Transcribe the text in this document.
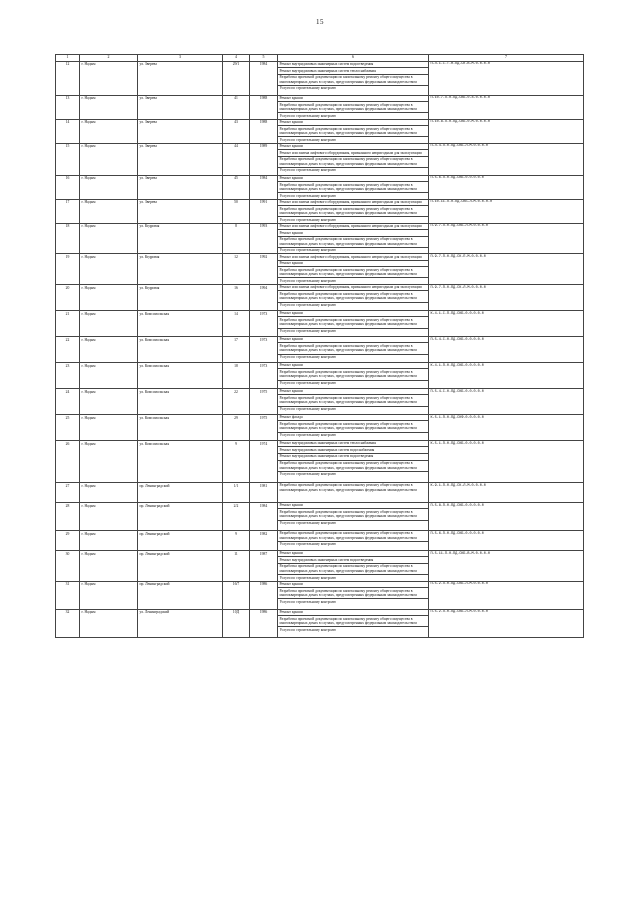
15
1	2	3	4	5	6	7
12	г. Надым	ул. Зверева	29/1	1984	Ремонт внутридомовых инженерных систем водоотведения
Ремонт внутридомовых инженерных систем теплоснабжения
Разработка проектной документации по капитальному ремонту общего имущества в многоквартирных домах в случаях, предусмотренных федеральным законодательством
Услуги по строительному контролю	П-Л-1-С-Т-Н-ПД-СК-В-М-0-0-0-0
13	г. Надым	ул. Зверева	41	1988	Ремонт крыши
Разработка проектной документации по капитальному ремонту общего имущества в многоквартирных домах в случаях, предусмотренных федеральным законодательством
Услуги по строительному контролю	П-10-7-П-0-ПД-СКБ-0-8-0-0-0-0
14	г. Надым	ул. Зверева	43	1988	Ремонт крыши
Разработка проектной документации по капитальному ремонту общего имущества в многоквартирных домах в случаях, предусмотренных федеральным законодательством
Услуги по строительному контролю	П-10-8-П-0-ПД-СКБ-0-М-0-0-0-0
15	г. Надым	ул. Зверева	44	1989	Ремонт крыши
Ремонт или замена лифтового оборудования, признанного непригодным для эксплуатации
Разработка проектной документации по капитальному ремонту общего имущества в многоквартирных домах в случаях, предусмотренных федеральным законодательством
Услуги по строительному контролю	П-Л-4-П-0-ПД-СКБ-Л-М-0-0-0-0
16	г. Надым	ул. Зверева	45	1984	Ремонт крыши
Разработка проектной документации по капитальному ремонту общего имущества в многоквартирных домах в случаях, предусмотренных федеральным законодательством
Услуги по строительному контролю	П-5-6-П-0-ПД-СКБ-0-0-0-0-0
17	г. Надым	ул. Зверева	50	1991	Ремонт или замена лифтового оборудования, признанного непригодным для эксплуатации
Разработка проектной документации по капитальному ремонту общего имущества в многоквартирных домах в случаях, предусмотренных федеральным законодательством
Услуги по строительному контролю	П-10-11-П-0-ПД-СКБ-Л-М-0-0-0-0
18	г. Надым	ул. Кедровая	8	1993	Ремонт или замена лифтового оборудования, признанного непригодным для эксплуатации
Ремонт крыши
Разработка проектной документации по капитальному ремонту общего имущества в многоквартирных домах в случаях, предусмотренных федеральным законодательством
Услуги по строительному контролю	П-9-7-П-0-ПД-СКБ-Л-М-0-0-0-0
19	г. Надым	ул. Кедровая	12	1992	Ремонт или замена лифтового оборудования, признанного непригодным для эксплуатации
Ремонт крыши
Разработка проектной документации по капитальному ремонту общего имущества в многоквартирных домах в случаях, предусмотренных федеральным законодательством
Услуги по строительному контролю	П-9-7-П-0-ПД-СК-П-М-0-0-0-0
20	г. Надым	ул. Кедровая	16	1994	Ремонт или замена лифтового оборудования, признанного непригодным для эксплуатации
Разработка проектной документации по капитальному ремонту общего имущества в многоквартирных домах в случаях, предусмотренных федеральным законодательством
Услуги по строительному контролю	П-9-7-П-0-ПД-СК-Л-М-0-0-0-0
21	г. Надым	ул. Комсомольская	14	1973	Ремонт крыши
Разработка проектной документации по капитальному ремонту общего имущества в многоквартирных домах в случаях, предусмотренных федеральным законодательством
Услуги по строительному контролю	К-4-1-С-П-ПД-СКБ-0-0-0-0-0
22	г. Надым	ул. Комсомольская	17	1973	Ремонт крыши
Разработка проектной документации по капитальному ремонту общего имущества в многоквартирных домах в случаях, предусмотренных федеральным законодательством
Услуги по строительному контролю	П-5-4-С-0-ПД-СКБ-0-0-0-0-0
23	г. Надым	ул. Комсомольская	18	1973	Ремонт крыши
Разработка проектной документации по капитальному ремонту общего имущества в многоквартирных домах в случаях, предусмотренных федеральным законодательством
Услуги по строительному контролю	К-4-1-П-0-ПД-СКБ-0-0-0-0-0
24	г. Надым	ул. Комсомольская	22	1975	Ремонт крыши
Разработка проектной документации по капитальному ремонту общего имущества в многоквартирных домах в случаях, предусмотренных федеральным законодательством
Услуги по строительному контролю	П-5-4-С-0-ПД-СКБ-0-0-0-0-0
25	г. Надым	ул. Комсомольская	29	1975	Ремонт фасада
Разработка проектной документации по капитальному ремонту общего имущества в многоквартирных домах в случаях, предусмотренных федеральным законодательством
Услуги по строительному контролю	К-5-1-П-0-ПД-СКФ-0-0-0-0-0
26	г. Надым	ул. Комсомольская	9	1974	Ремонт внутридомовых инженерных систем теплоснабжения
Ремонт внутридомовых инженерных систем водоснабжения
Ремонт внутридомовых инженерных систем водоотведения
Разработка проектной документации по капитальному ремонту общего имущества в многоквартирных домах в случаях, предусмотренных федеральным законодательством
Услуги по строительному контролю	К-5-1-П-0-ПД-СКБ-0-0-0-0-0
27	г. Надым	пр. Ленинградский	1/1	1981	Разработка проектной документации по капитальному ремонту общего имущества в многоквартирных домах в случаях, предусмотренных федеральным законодательством	К-9-1-П-0-ПД-СК-Л-М-0-0-0-0
28	г. Надым	пр. Ленинградский	2/2	1984	Ремонт крыши
Разработка проектной документации по капитальному ремонту общего имущества в многоквартирных домах в случаях, предусмотренных федеральным законодательством
Услуги по строительному контролю	П-5-8-П-0-ПД-СКБ-0-0-0-0-0
29	г. Надым	пр. Ленинградский	9	1982	Разработка проектной документации по капитальному ремонту общего имущества в многоквартирных домах в случаях, предусмотренных федеральным законодательством
Услуги по строительному контролю	П-5-6-П-0-ПД-СКБ-0-0-0-0-0
30	г. Надым	пр. Ленинградский	11	1987	Ремонт крыши
Ремонт внутридомовых инженерных систем водоотведения
Разработка проектной документации по капитальному ремонту общего имущества в многоквартирных домах в случаях, предусмотренных федеральным законодательством
Услуги по строительному контролю	П-5-11-П-0-ПД-СКБ-В-М-0-0-0-0
31	г. Надым	пр. Ленинградский	16/7	1986	Ремонт крыши
Разработка проектной документации по капитальному ремонту общего имущества в многоквартирных домах в случаях, предусмотренных федеральным законодательством
Услуги по строительному контролю	П-5-2-П-0-ПД-СКБ-Л-М-0-0-0-0
32	г. Надым	ул. Ленинградский	10Д	1986	Ремонт крыши
Разработка проектной документации по капитальному ремонту общего имущества в многоквартирных домах в случаях, предусмотренных федеральным законодательством
Услуги по строительному контролю	П-5-2-П-0-ПД-СКБ-Л-М-0-0-0-0
